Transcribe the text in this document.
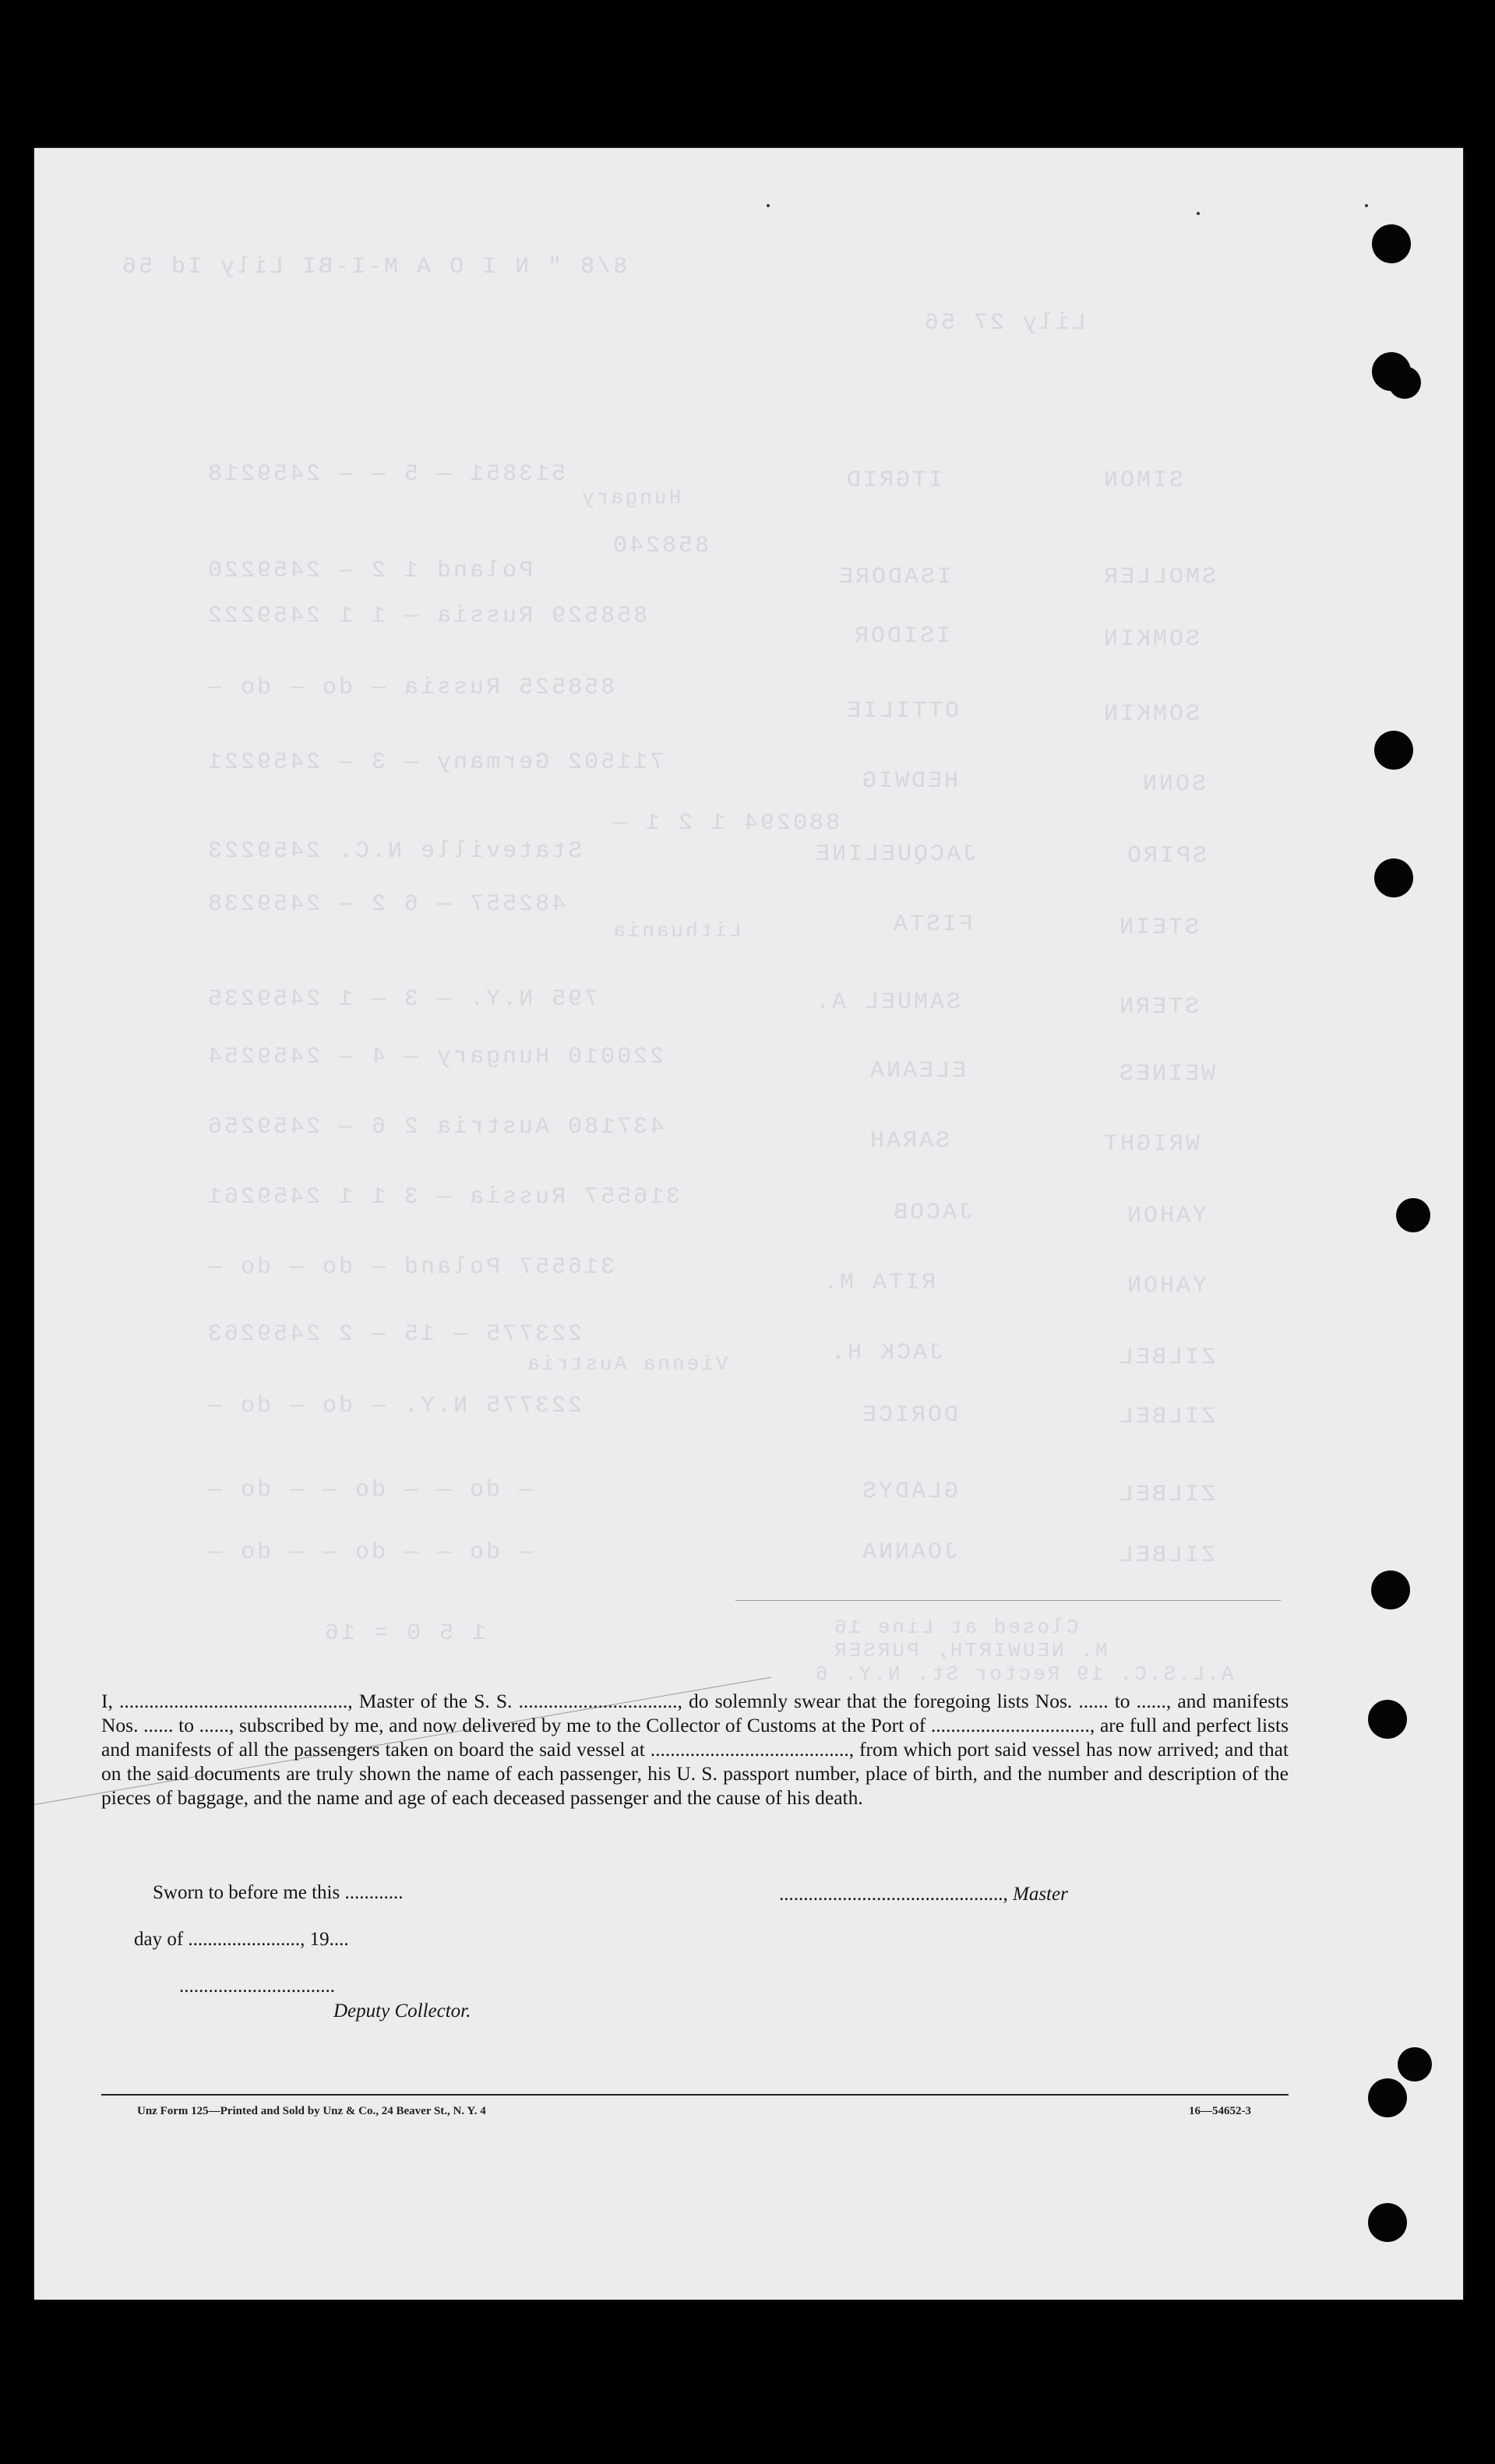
8/8 " N I O A M-I-BI Lily Id 56
Lily 27 56
SIMON
ITGRID
513851 — 5 — — 2459218
Hungary
SMOLLER
ISADORE
858240
Poland 1 2 — 2459220
SOMKIN
ISIDOR
858529 Russia — 1 1 2459222
SOMKIN
OTTILIE
858525 Russia — do — do —
SONN
HEDWIG
711502 Germany — 3 — 2459221
SPIRO
JACQUELINE
880294 1 2 1 —
Stateville N.C. 2459223
STEIN
FISTA
482557 — 6 2 — 2459238
Lithuania
STERN
SAMUEL A.
795 N.Y. — 3 — 1 2459235
WEINES
ELEANA
220010 Hungary — 4 — 2459254
WRIGHT
SARAH
437180 Austria 2 6 — 2459256
YAHON
JACOB
316557 Russia — 3 1 1 2459261
YAHON
RITA M.
316557 Poland — do — do —
ZILBEL
JACK H.
223775 — 15 — 2 2459263
Vienna Austria
ZILBEL
DORICE
223775 N.Y. — do — do —
ZILBEL
GLADYS
— do — — do — — do —
ZILBEL
JOANNA
— do — — do — — do —
Closed at Line 16
M. NEUWIRTH, PURSER
A.L.S.C. 19 Rector St. N.Y. 6
1 5 0 = 16

I, .............................................., Master of the S. S. ................................, do solemnly swear that the foregoing lists Nos. ...... to ......, and manifests Nos. ...... to ......, subscribed by me, and now delivered by me to the Collector of Customs at the Port of ................................, are full and perfect lists and manifests of all the passengers taken on board the said vessel at ........................................, from which port said vessel has now arrived; and that on the said documents are truly shown the name of each passenger, his U. S. passport number, place of birth, and the number and description of the pieces of baggage, and the name and age of each deceased passenger and the cause of his death.

Sworn to before me this ............	.............................................., Master
day of ......................., 19....
................................
Deputy Collector.
Unz Form 125—Printed and Sold by Unz & Co., 24 Beaver St., N. Y. 4	16—54652-3
